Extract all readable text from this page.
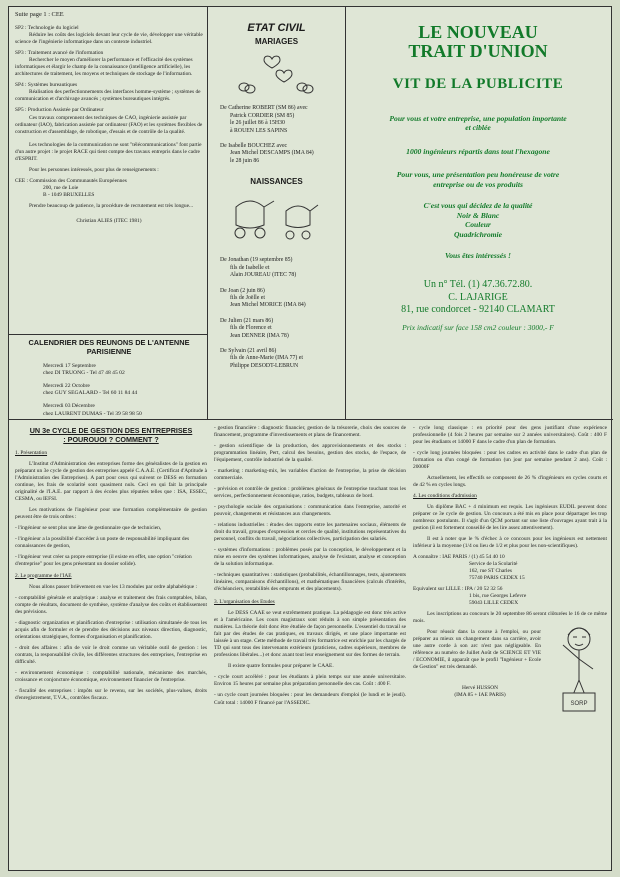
Suite page 1 : CEE

SP2 : Technologie du logiciel

Réduire les coûts des logiciels devant leur cycle de vie, développer une véritable science de l'ingénierie informatique dans un contexte industriel.

SP3 : Traitement avancé de l'information

Rechercher le moyen d'améliorer la performance et l'efficacité des systèmes informatiques et élargir le champ de la connaissance (intelligence artificielle), les architectures de traitement, les moyens et techniques de stockage de l'information.

SP4 : Systèmes bureautiques

Réalisation des perfectionnements des interfaces homme-système ; systèmes de communication et d'archivage avancés ; systèmes bureautiques intégrés.

SP5 : Production Assistée par Ordinateur

Ces travaux comprennent des techniques de CAO, ingénierie assistée par ordinateur (IAO), fabrication assistée par ordinateur (FAO) et les systèmes flexibles de construction et d'assemblage, de robotique, d'essais et de contrôle de la qualité.

Les technologies de la communication ne sont "télécommunications" font partie d'un autre projet : le projet RACE qui tient compte des travaux entrepris dans le cadre d'ESPRIT.

Pour les personnes intéressés, pour plus de renseignements :

CEE : Commission des Communautés Européennes

200, rue de Loie

B - 1049 BRUXELLES

Prendre beaucoup de patience, la procédure de recrutement est très longue...

Christian ALIES (ITEC 1981)

CALENDRIER DES REUNONS DE L'ANTENNE PARISIENNE

Mercredi 17 Septembre

chez DI TRUONG - Tel 47 48 45 02

Mercredi 22 Octobre

chez GUY SEGALARD - Tel 60 11 84 44

Mercredi 03 Décembre

chez LAURENT DUMAS - Tel 39 58 98 50

ETAT CIVIL
MARIAGES

De Catherine ROBERT (SM 86) avec

Patrick CORDIER (SM 85)

le 26 juillet 86 à 15H30

à ROUEN LES SAPINS

De Isabelle BOUCHEZ avec

Jean Michel DESCAMPS (IMA 84)

le 28 juin 86

NAISSANCES

De Jonathan (19 septembre 85)

fils de Isabelle et

Alain JOUREAU (ITEC 78)

De Joan (2 juin 86)

fils de Joëlle et

Jean Michel MORICE (IMA 84)

De Julien (21 mars 86)

fils de Florence et

Jean DENNER (IMA 78)

De Sylvain (21 avril 86)

fils de Anne-Marie (IMA 77) et

Philippe DESODT-LEBRUN

LE NOUVEAU
TRAIT D'UNION
VIT DE LA PUBLICITE
Pour vous et votre entreprise, une population importante et ciblée
1000 ingénieurs répartis dans tout l'hexagone
Pour vous, une présentation peu honéreuse de votre entreprise ou de vos produits
C'est vous qui décidez de la qualité
Noir & Blanc
Couleur
Quadrichromie
Vous êtes intéressés !
Un n° Tél. (1) 47.36.72.80.
C. LAJARIGE
81, rue condorcet - 92140 CLAMART
Prix indicatif sur face 158 cm2 couleur : 3000,- F
UN 3e CYCLE DE GESTION DES ENTREPRISES : POUROUOI ? COMMENT ?

1. Présentation

L'Institut d'Administration des entreprises forme des généralistes de la gestion en préparant un 3e cycle de gestion des entreprises appelé C.A.A.E. (Certificat d'Aptitude à l'Administration des Entreprises). A part pour ceux qui suivent ce DESS en formation continue, les frais de scolarité sont quasiment nuls. Ceci en qui fait la principale originalité de l'I.A.E. par rapport à des écoles plus réputées telles que : ISA, ESSEC, CESMA, ou IEFSI.

Les motivations de l'ingénieur pour une formation complémentaire de gestion peuvent être de trois ordres :

- l'ingénieur se sent plus une âme de gestionnaire que de technicien,

- l'ingénieur a la possibilité d'accéder à un poste de responsabilité impliquant des connaissances de gestion,

- l'ingénieur veut créer sa propre entreprise (il existe en effet, une option "création d'entreprise" pour les gens présentant un dossier solide).

2. Le programme de l'IAE

Nous allons passer brièvement en vue les 13 modules par ordre alphabétique :

- comptabilité générale et analytique : analyse et traitement des frais comptables, bilan, compte de résultats, document de synthèse, système d'analyse des coûts et établissement des prévisions.

- diagnostic organization et planification d'entreprise : utilisation simultanée de tous les acquis afin de formuler et de prendre des décisions aux niveaux direction, diagnostic, orientations stratégiques, formes d'organisation et planification.

- droit des affaires : afin de voir le droit comme un véritable outil de gestion : les contrats, la responsabilité civile, les différentes structures des entreprises, l'entreprise en difficulté.

- environnement économique : comptabilité nationale, mécanisme des marchés, croissance et conjoncture économique, environnement financier de l'entreprise.

- fiscalité des entreprises : impôts sur le revenu, sur les sociétés, plus-values, droits d'enregistrement, T.V.A., contrôles fiscaux.

- gestion financière : diagnostic financier, gestion de la trésorerie, choix des sources de financement, programme d'investissements et plans de financement.

- gestion scientifique de la production, des approvisionnements et des stocks : programmation linéaire, Pert, calcul des besoins, gestion des stocks, de l'espace, de l'équipement, contrôle industriel de la qualité.

- marketing : marketing-mix, les variables d'action de l'entreprise, la prise de décision commerciale.

- prévision et contrôle de gestion : problèmes généraux de l'entreprise touchant tous les services, perfectionnement économique, ratios, budgets, tableaux de bord.

- psychologie sociale des organisations : communication dans l'entreprise, autorité et pouvoir, changements et résistances aux changements.

- relations industrielles : études des rapports entre les partenaires sociaux, éléments de droit du travail, groupes d'expression et cercles de qualité, institutions représentatives du personnel, conflits du travail, négociations collectives, participation des salariés.

- systèmes d'informations : problèmes posés par la conception, le développement et la mise en oeuvre des systèmes informatiques, analyse de l'existant, analyse et conception de la solution informatique.

- techniques quantitatives : statistiques (probabilités, échantillonnages, tests, ajustements linéaires, comparaisons d'échantillons), et mathématiques financières (calculs d'intérêts, d'échéanciers, rentabilités des emprunts et des placements).

3. L'organisation des Etudes

Le DESS CAAE se veut extrêmement pratique. La pédagogie est donc très active et à l'américaine. Les cours magistraux sont réduits à son simple présentation des matières. La théorie doit donc être étudiée de façon personnelle. L'essentiel du travail se fait par des études de cas pratiques, en travaux dirigés, et une place importante est laissée à un stage. Cette méthode de travail très formatrice est enrichie par les chargés de TD qui sont tous des intervenants extérieurs (praticiens, cadres supérieurs, membres de professions libérales...) et donc axant tout leur enseignement sur des formes de terrain.

Il existe quatre formules pour préparer le CAAE.

- cycle court accéléré : pour les étudiants à plein temps sur une année universitaire. Environ 15 heures par semaine plus préparation personnelle des cas. Coût : 400 F.

- un cycle court journées bloquées : pour les demandeurs d'emploi (le lundi et le jeudi). Coût total : 14000 F financé par l'ASSEDIC.

- cycle long classique : en priorité pour des gens justifiant d'une expérience professionnelle (4 fois 2 heures par semaine sur 2 années universitaires). Coût : 400 F pour les étudiants et 14000 F dans le cadre d'un plan de formation.

- cycle long journées bloquées : pour les cadres en activité dans le cadre d'un plan de formation ou d'un congé de formation (un jour par semaine pendant 2 ans). Coût : 20000F

Actuellement, les effectifs se composent de 26 % d'ingénieurs en cycles courts et de 42 % en cycles longs.

4. Les conditions d'admission

Un diplôme BAC + 4 minimum est requis. Les ingénieurs EUDIL peuvent donc préparer ce 3e cycle de gestion. Un concours a été mis en place pour départager les trop nombreux postulants. Il s'agit d'un QCM portant sur une liste d'ouvrages ayant trait à la gestion (il est fortement conseillé de les lire assez attentivement).

Il est à noter que le % d'échec à ce concours pour les ingénieurs est nettement inférieur à la moyenne (1/4 ou lieu de 1/2 et plus pour les non-scientifiques).

A connaître : IAE PARIS / (1) 45 54 40 10

Service de la Scolarité

162, rue ST Charles

75740 PARIS CEDEX 15

Equivalent sur LILLE : IPA / 20 52 32 56

1 bis, rue Georges Lefevre

59043 LILLE CEDEX

Les inscriptions au concours le 20 septembre 86 seront clôturées le 16 de ce même mois.

Pour réussir dans la course à l'emploi, ou pour préparer au mieux un changement dans sa carrière, avoir une autre corde à son arc n'est pas négligeable. En référence au numéro de Juillet Août de SCIENCE ET VIE / ECONOMIE, il apparaît que le profil "Ingénieur + Ecole de Gestion" est très demandé.

SORP

Hervé HUSSON

(IMA 85 + IAE PARIS)
